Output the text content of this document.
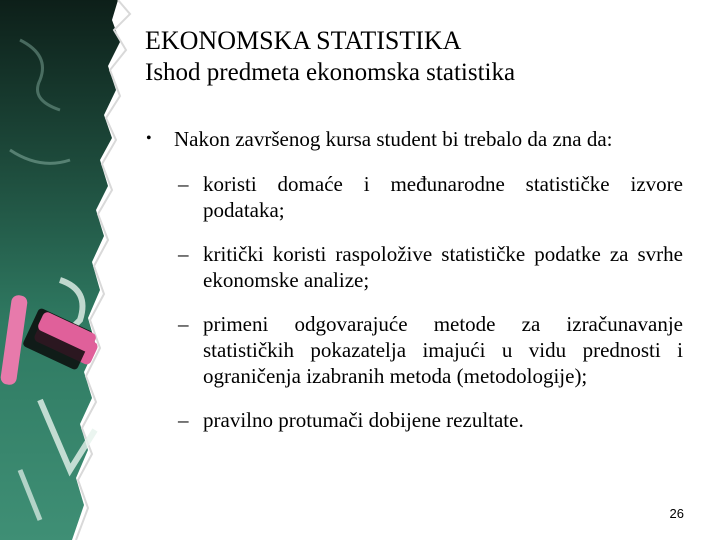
EKONOMSKA STATISTIKA
Ishod predmeta ekonomska statistika
•	Nakon završenog kursa student bi trebalo da zna da:
– koristi domaće i međunarodne statističke izvore podataka;
– kritički koristi raspoložive statističke podatke za svrhe ekonomske analize;
– primeni odgovarajuće metode za izračunavanje statističkih pokazatelja imajući u vidu prednosti i ograničenja izabranih metoda (metodologije);
– pravilno protumači dobijene rezultate.
26
